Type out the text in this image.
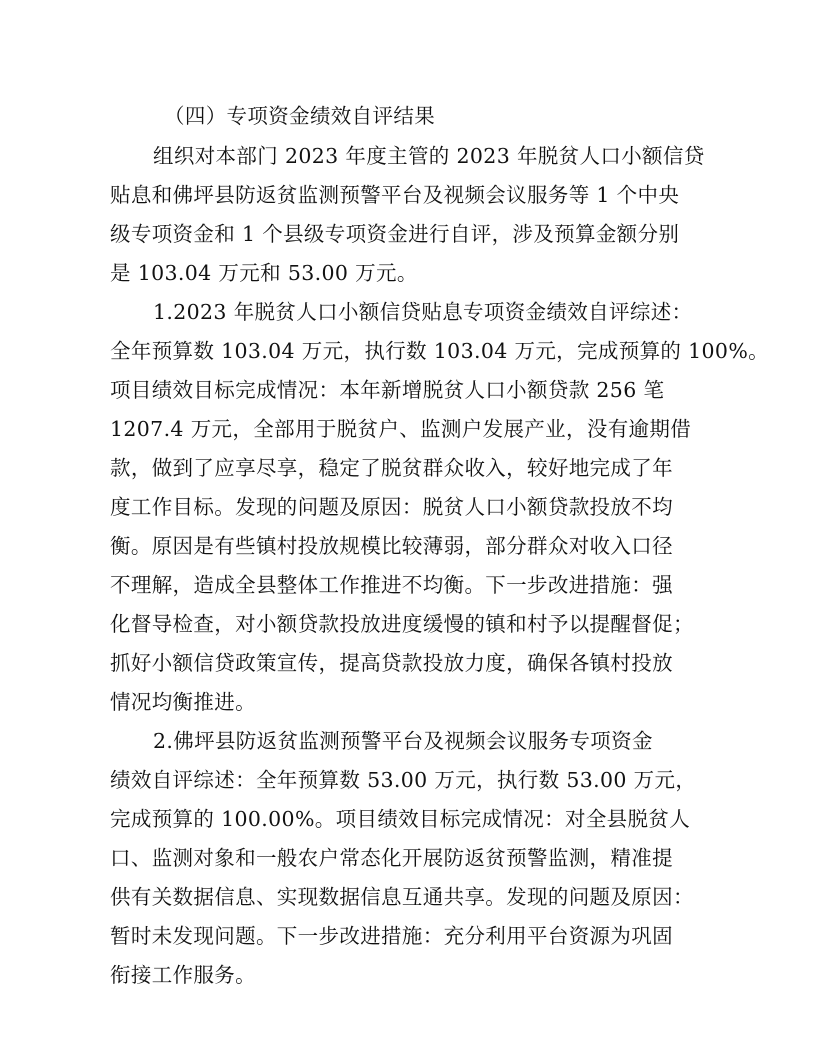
（四）专项资金绩效自评结果
组织对本部门 2023 年度主管的 2023 年脱贫人口小额信贷
贴息和佛坪县防返贫监测预警平台及视频会议服务等 1 个中央
级专项资金和 1 个县级专项资金进行自评，涉及预算金额分别
是 103.04 万元和 53.00 万元。
1.2023 年脱贫人口小额信贷贴息专项资金绩效自评综述：
全年预算数 103.04 万元，执行数 103.04 万元，完成预算的 100%。
项目绩效目标完成情况：本年新增脱贫人口小额贷款 256 笔
1207.4 万元，全部用于脱贫户、监测户发展产业，没有逾期借
款，做到了应享尽享，稳定了脱贫群众收入，较好地完成了年
度工作目标。发现的问题及原因：脱贫人口小额贷款投放不均
衡。原因是有些镇村投放规模比较薄弱，部分群众对收入口径
不理解，造成全县整体工作推进不均衡。下一步改进措施：强
化督导检查，对小额贷款投放进度缓慢的镇和村予以提醒督促；
抓好小额信贷政策宣传，提高贷款投放力度，确保各镇村投放
情况均衡推进。
2.佛坪县防返贫监测预警平台及视频会议服务专项资金
绩效自评综述：全年预算数 53.00 万元，执行数 53.00 万元，
完成预算的 100.00%。项目绩效目标完成情况：对全县脱贫人
口、监测对象和一般农户常态化开展防返贫预警监测，精准提
供有关数据信息、实现数据信息互通共享。发现的问题及原因：
暂时未发现问题。下一步改进措施：充分利用平台资源为巩固
衔接工作服务。
